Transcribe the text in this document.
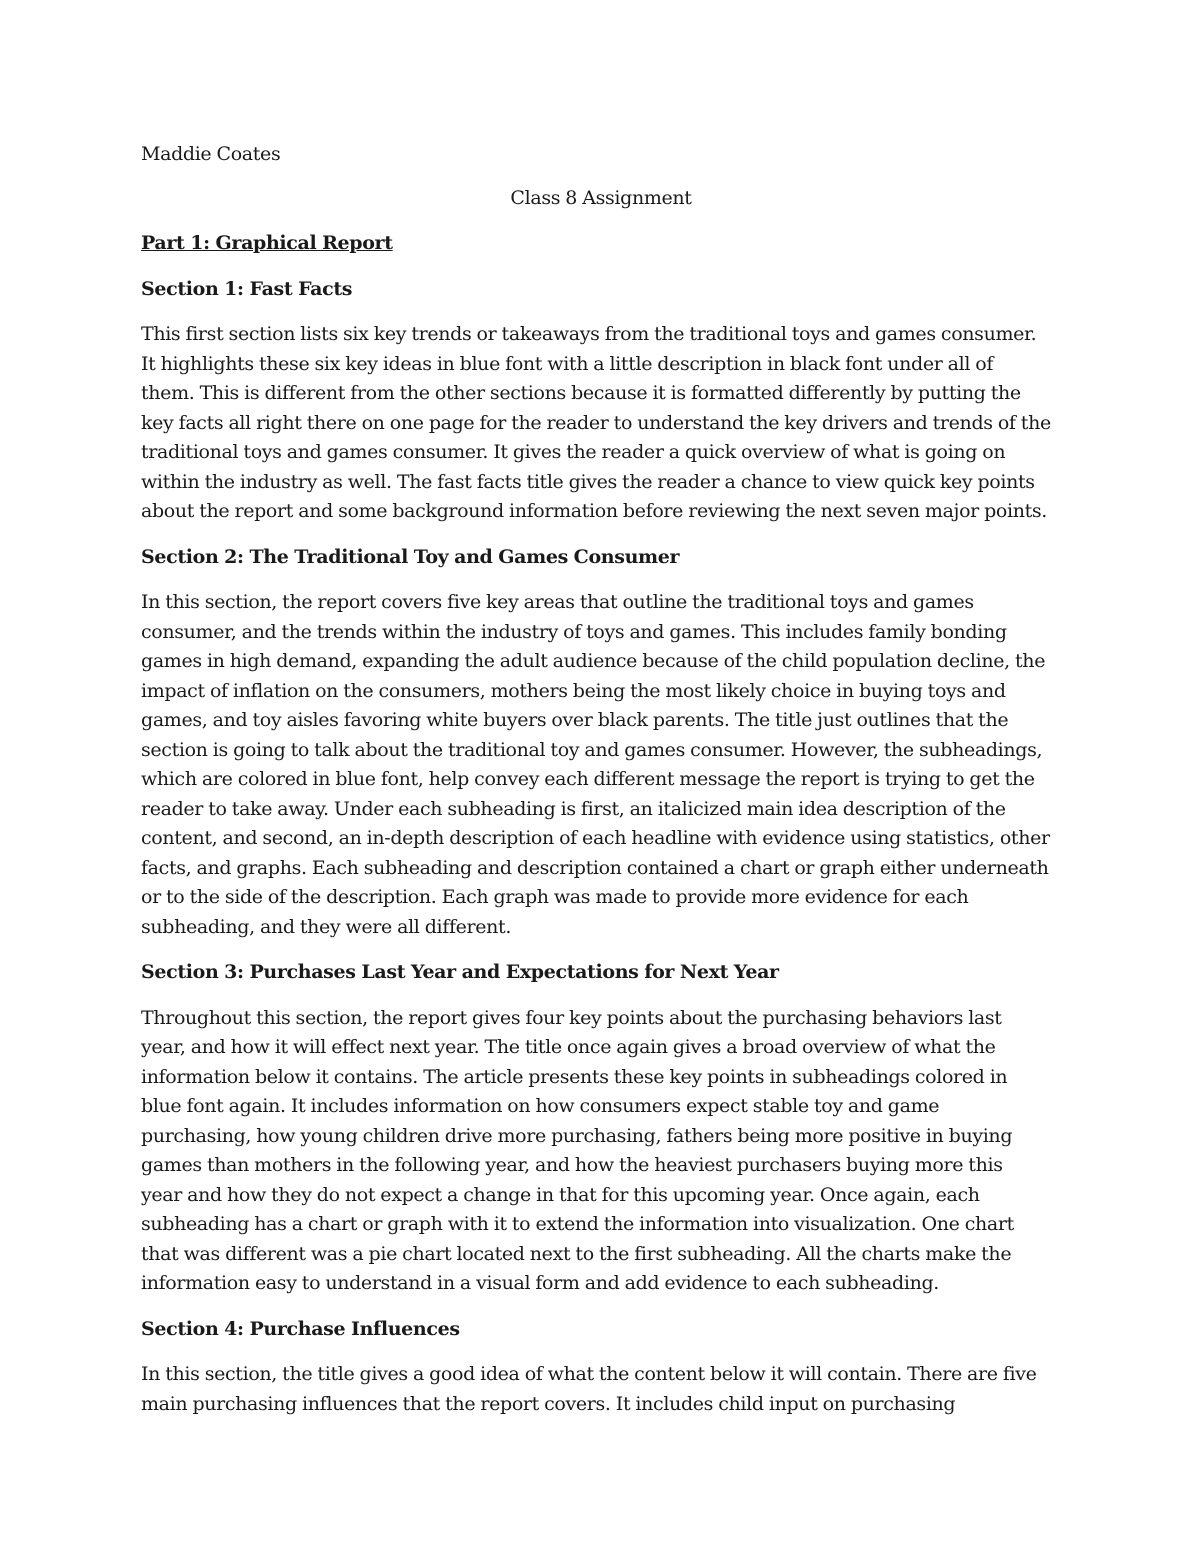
Maddie Coates
Class 8 Assignment
Part 1: Graphical Report
Section 1: Fast Facts
This first section lists six key trends or takeaways from the traditional toys and games consumer.
It highlights these six key ideas in blue font with a little description in black font under all of
them. This is different from the other sections because it is formatted differently by putting the
key facts all right there on one page for the reader to understand the key drivers and trends of the
traditional toys and games consumer. It gives the reader a quick overview of what is going on
within the industry as well. The fast facts title gives the reader a chance to view quick key points
about the report and some background information before reviewing the next seven major points.
Section 2: The Traditional Toy and Games Consumer
In this section, the report covers five key areas that outline the traditional toys and games
consumer, and the trends within the industry of toys and games. This includes family bonding
games in high demand, expanding the adult audience because of the child population decline, the
impact of inflation on the consumers, mothers being the most likely choice in buying toys and
games, and toy aisles favoring white buyers over black parents. The title just outlines that the
section is going to talk about the traditional toy and games consumer. However, the subheadings,
which are colored in blue font, help convey each different message the report is trying to get the
reader to take away. Under each subheading is first, an italicized main idea description of the
content, and second, an in-depth description of each headline with evidence using statistics, other
facts, and graphs. Each subheading and description contained a chart or graph either underneath
or to the side of the description. Each graph was made to provide more evidence for each
subheading, and they were all different.
Section 3: Purchases Last Year and Expectations for Next Year
Throughout this section, the report gives four key points about the purchasing behaviors last
year, and how it will effect next year. The title once again gives a broad overview of what the
information below it contains. The article presents these key points in subheadings colored in
blue font again. It includes information on how consumers expect stable toy and game
purchasing, how young children drive more purchasing, fathers being more positive in buying
games than mothers in the following year, and how the heaviest purchasers buying more this
year and how they do not expect a change in that for this upcoming year. Once again, each
subheading has a chart or graph with it to extend the information into visualization. One chart
that was different was a pie chart located next to the first subheading. All the charts make the
information easy to understand in a visual form and add evidence to each subheading.
Section 4: Purchase Influences
In this section, the title gives a good idea of what the content below it will contain. There are five
main purchasing influences that the report covers. It includes child input on purchasing
